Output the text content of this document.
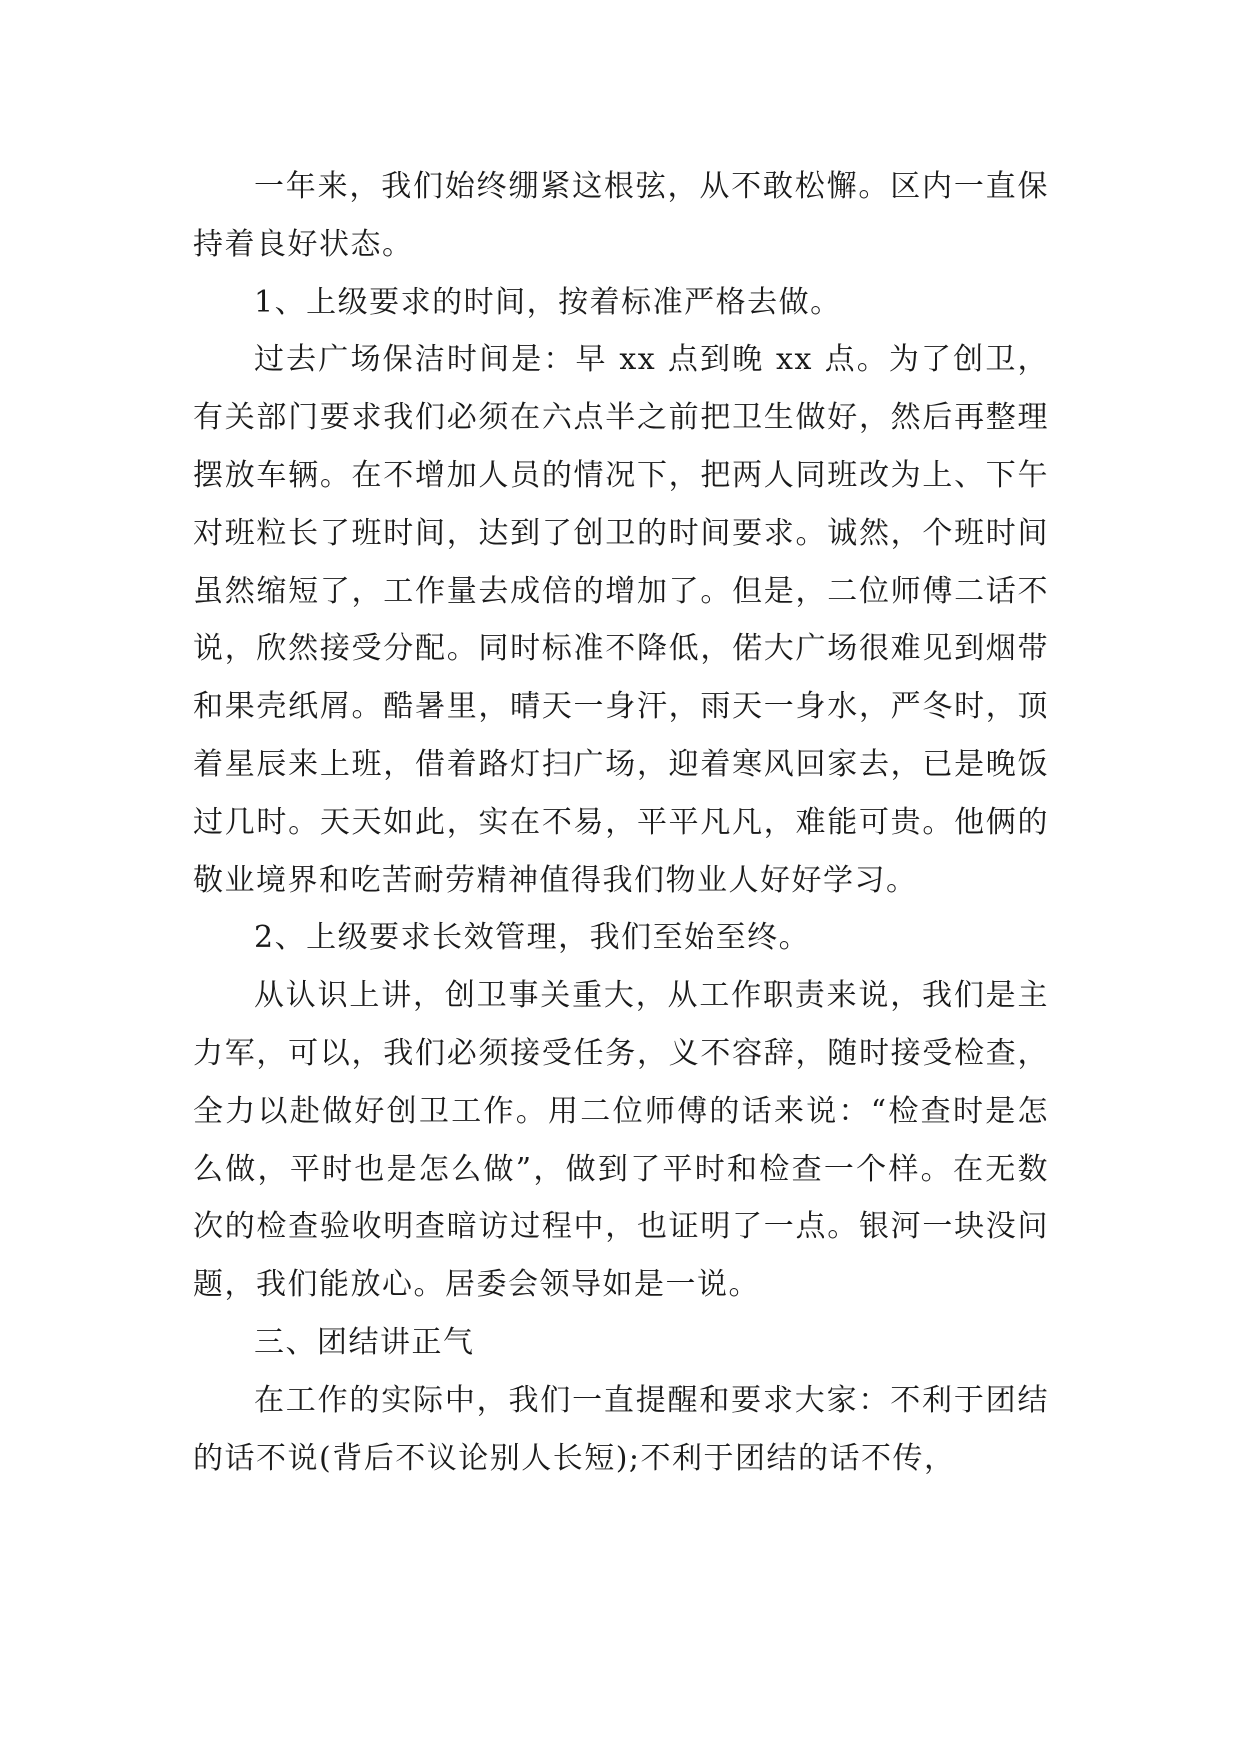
一年来，我们始终绷紧这根弦，从不敢松懈。区内一直保持着良好状态。

1、上级要求的时间，按着标准严格去做。

过去广场保洁时间是：早 xx 点到晚 xx 点。为了创卫，有关部门要求我们必须在六点半之前把卫生做好，然后再整理摆放车辆。在不增加人员的情况下，把两人同班改为上、下午对班粒长了班时间，达到了创卫的时间要求。诚然，个班时间虽然缩短了，工作量去成倍的增加了。但是，二位师傅二话不说，欣然接受分配。同时标准不降低，偌大广场很难见到烟带和果壳纸屑。酷暑里，晴天一身汗，雨天一身水，严冬时，顶着星辰来上班，借着路灯扫广场，迎着寒风回家去，已是晚饭过几时。天天如此，实在不易，平平凡凡，难能可贵。他俩的敬业境界和吃苦耐劳精神值得我们物业人好好学习。

2、上级要求长效管理，我们至始至终。

从认识上讲，创卫事关重大，从工作职责来说，我们是主力军，可以，我们必须接受任务，义不容辞，随时接受检查，全力以赴做好创卫工作。用二位师傅的话来说：“检查时是怎么做，平时也是怎么做”，做到了平时和检查一个样。在无数次的检查验收明查暗访过程中，也证明了一点。银河一块没问题，我们能放心。居委会领导如是一说。

三、团结讲正气

在工作的实际中，我们一直提醒和要求大家：不利于团结的话不说(背后不议论别人长短);不利于团结的话不传，
